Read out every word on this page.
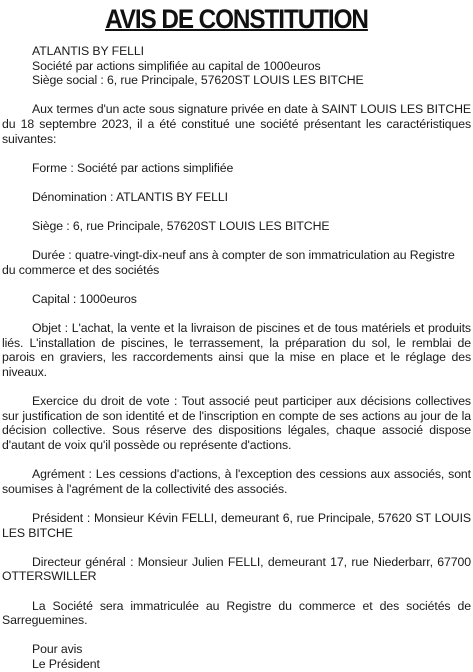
AVIS DE CONSTITUTION
ATLANTIS BY FELLI
Société par actions simplifiée au capital de 1000euros
Siège social : 6, rue Principale, 57620ST LOUIS LES BITCHE

Aux termes d'un acte sous signature privée en date à SAINT LOUIS LES BITCHE du 18 septembre 2023, il a été constitué une société présentant les caractéristiques suivantes:

Forme : Société par actions simplifiée

Dénomination : ATLANTIS BY FELLI

Siège : 6, rue Principale, 57620ST LOUIS LES BITCHE

Durée : quatre-vingt-dix-neuf ans à compter de son immatriculation au Registre du commerce et des sociétés

Capital : 1000euros

Objet : L'achat, la vente et la livraison de piscines et de tous matériels et produits liés. L'installation de piscines, le terrassement, la préparation du sol, le remblai de parois en graviers, les raccordements ainsi que la mise en place et le réglage des niveaux.

Exercice du droit de vote : Tout associé peut participer aux décisions collectives sur justification de son identité et de l'inscription en compte de ses actions au jour de la décision collective. Sous réserve des dispositions légales, chaque associé dispose d'autant de voix qu'il possède ou représente d'actions.

Agrément : Les cessions d'actions, à l'exception des cessions aux associés, sont soumises à l'agrément de la collectivité des associés.

Président : Monsieur Kévin FELLI, demeurant 6, rue Principale, 57620 ST LOUIS LES BITCHE

Directeur général : Monsieur Julien FELLI, demeurant 17, rue Niederbarr, 67700 OTTERSWILLER

La Société sera immatriculée au Registre du commerce et des sociétés de Sarreguemines.

Pour avis
Le Président
